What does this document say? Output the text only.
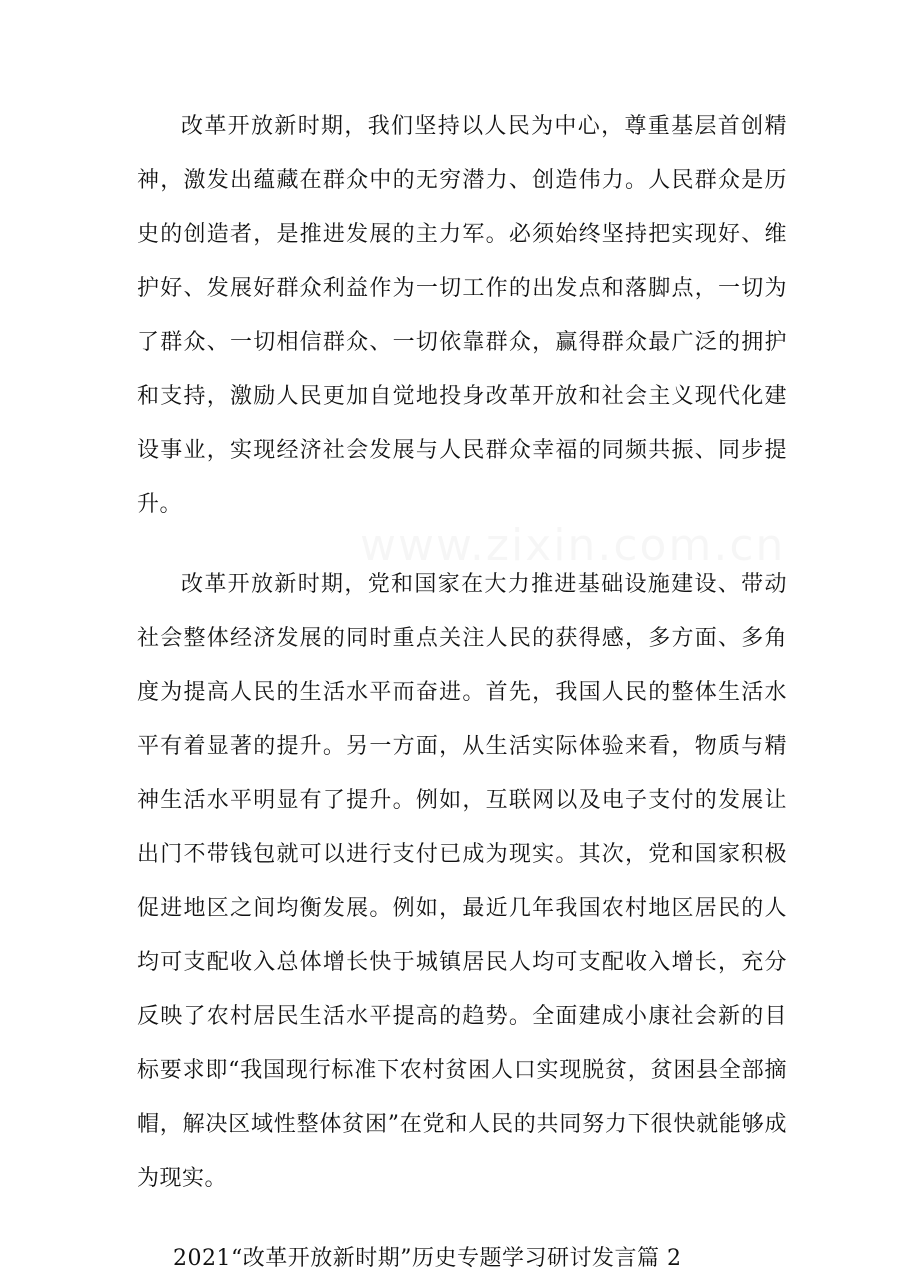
改革开放新时期，我们坚持以人民为中心，尊重基层首创精
神，激发出蕴藏在群众中的无穷潜力、创造伟力。人民群众是历
史的创造者，是推进发展的主力军。必须始终坚持把实现好、维
护好、发展好群众利益作为一切工作的出发点和落脚点，一切为
了群众、一切相信群众、一切依靠群众，赢得群众最广泛的拥护
和支持，激励人民更加自觉地投身改革开放和社会主义现代化建
设事业，实现经济社会发展与人民群众幸福的同频共振、同步提
升。
改革开放新时期，党和国家在大力推进基础设施建设、带动
社会整体经济发展的同时重点关注人民的获得感，多方面、多角
度为提高人民的生活水平而奋进。首先，我国人民的整体生活水
平有着显著的提升。另一方面，从生活实际体验来看，物质与精
神生活水平明显有了提升。例如，互联网以及电子支付的发展让
出门不带钱包就可以进行支付已成为现实。其次，党和国家积极
促进地区之间均衡发展。例如，最近几年我国农村地区居民的人
均可支配收入总体增长快于城镇居民人均可支配收入增长，充分
反映了农村居民生活水平提高的趋势。全面建成小康社会新的目
标要求即“我国现行标准下农村贫困人口实现脱贫，贫困县全部摘
帽，解决区域性整体贫困”在党和人民的共同努力下很快就能够成
为现实。
2021“改革开放新时期”历史专题学习研讨发言篇 2
